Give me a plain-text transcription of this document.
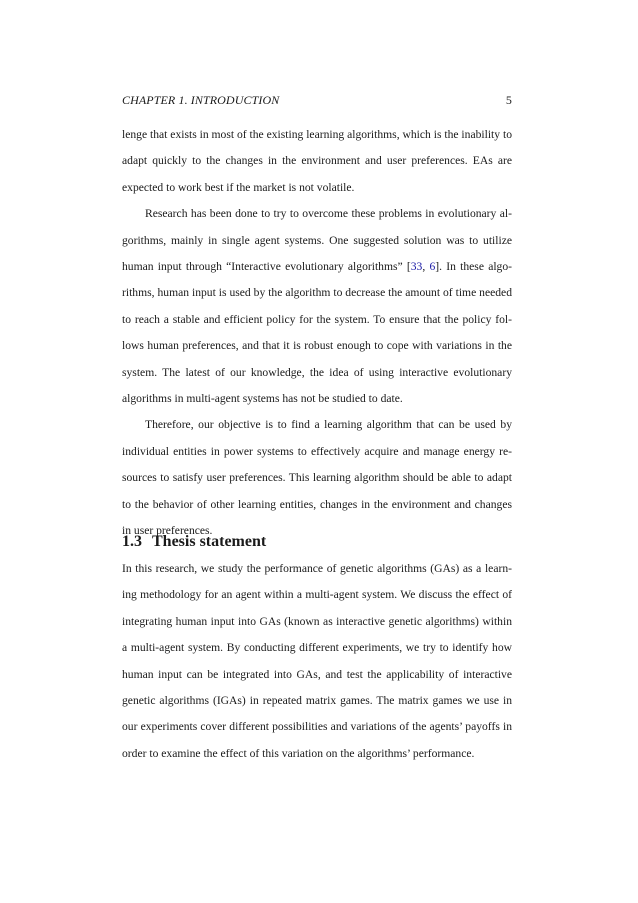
CHAPTER 1. INTRODUCTION	5

lenge that exists in most of the existing learning algorithms, which is the inability to adapt quickly to the changes in the environment and user preferences. EAs are expected to work best if the market is not volatile.

Research has been done to try to overcome these problems in evolutionary al-gorithms, mainly in single agent systems. One suggested solution was to utilize human input through “Interactive evolutionary algorithms” [33, 6]. In these algo-rithms, human input is used by the algorithm to decrease the amount of time needed to reach a stable and efficient policy for the system. To ensure that the policy fol-lows human preferences, and that it is robust enough to cope with variations in the system. The latest of our knowledge, the idea of using interactive evolutionary algorithms in multi-agent systems has not be studied to date.

Therefore, our objective is to find a learning algorithm that can be used by individual entities in power systems to effectively acquire and manage energy re-sources to satisfy user preferences. This learning algorithm should be able to adapt to the behavior of other learning entities, changes in the environment and changes in user preferences.

1.3 Thesis statement

In this research, we study the performance of genetic algorithms (GAs) as a learn-ing methodology for an agent within a multi-agent system. We discuss the effect of integrating human input into GAs (known as interactive genetic algorithms) within a multi-agent system. By conducting different experiments, we try to identify how human input can be integrated into GAs, and test the applicability of interactive genetic algorithms (IGAs) in repeated matrix games. The matrix games we use in our experiments cover different possibilities and variations of the agents’ payoffs in order to examine the effect of this variation on the algorithms’ performance.
